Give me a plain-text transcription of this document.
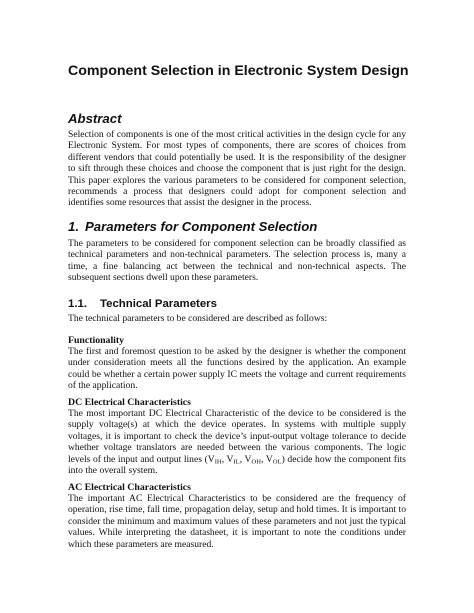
Component Selection in Electronic System Design
Abstract

Selection of components is one of the most critical activities in the design cycle for any Electronic System. For most types of components, there are scores of choices from different vendors that could potentially be used. It is the responsibility of the designer to sift through these choices and choose the component that is just right for the design. This paper explores the various parameters to be considered for component selection, recommends a process that designers could adopt for component selection and identifies some resources that assist the designer in the process.

1. Parameters for Component Selection

The parameters to be considered for component selection can be broadly classified as technical parameters and non-technical parameters. The selection process is, many a time, a fine balancing act between the technical and non-technical aspects. The subsequent sections dwell upon these parameters.

1.1. Technical Parameters

The technical parameters to be considered are described as follows:

Functionality

The first and foremost question to be asked by the designer is whether the component under consideration meets all the functions desired by the application. An example could be whether a certain power supply IC meets the voltage and current requirements of the application.

DC Electrical Characteristics

The most important DC Electrical Characteristic of the device to be considered is the supply voltage(s) at which the device operates. In systems with multiple supply voltages, it is important to check the device’s input-output voltage tolerance to decide whether voltage translators are needed between the various components. The logic levels of the input and output lines ($V_{IH}$, $V_{IL}$, $V_{OH}$, $V_{OL}$) decide how the component fits into the overall system.

AC Electrical Characteristics

The important AC Electrical Characteristics to be considered are the frequency of operation, rise time, fall time, propagation delay, setup and hold times. It is important to consider the minimum and maximum values of these parameters and not just the typical values. While interpreting the datasheet, it is important to note the conditions under which these parameters are measured.
